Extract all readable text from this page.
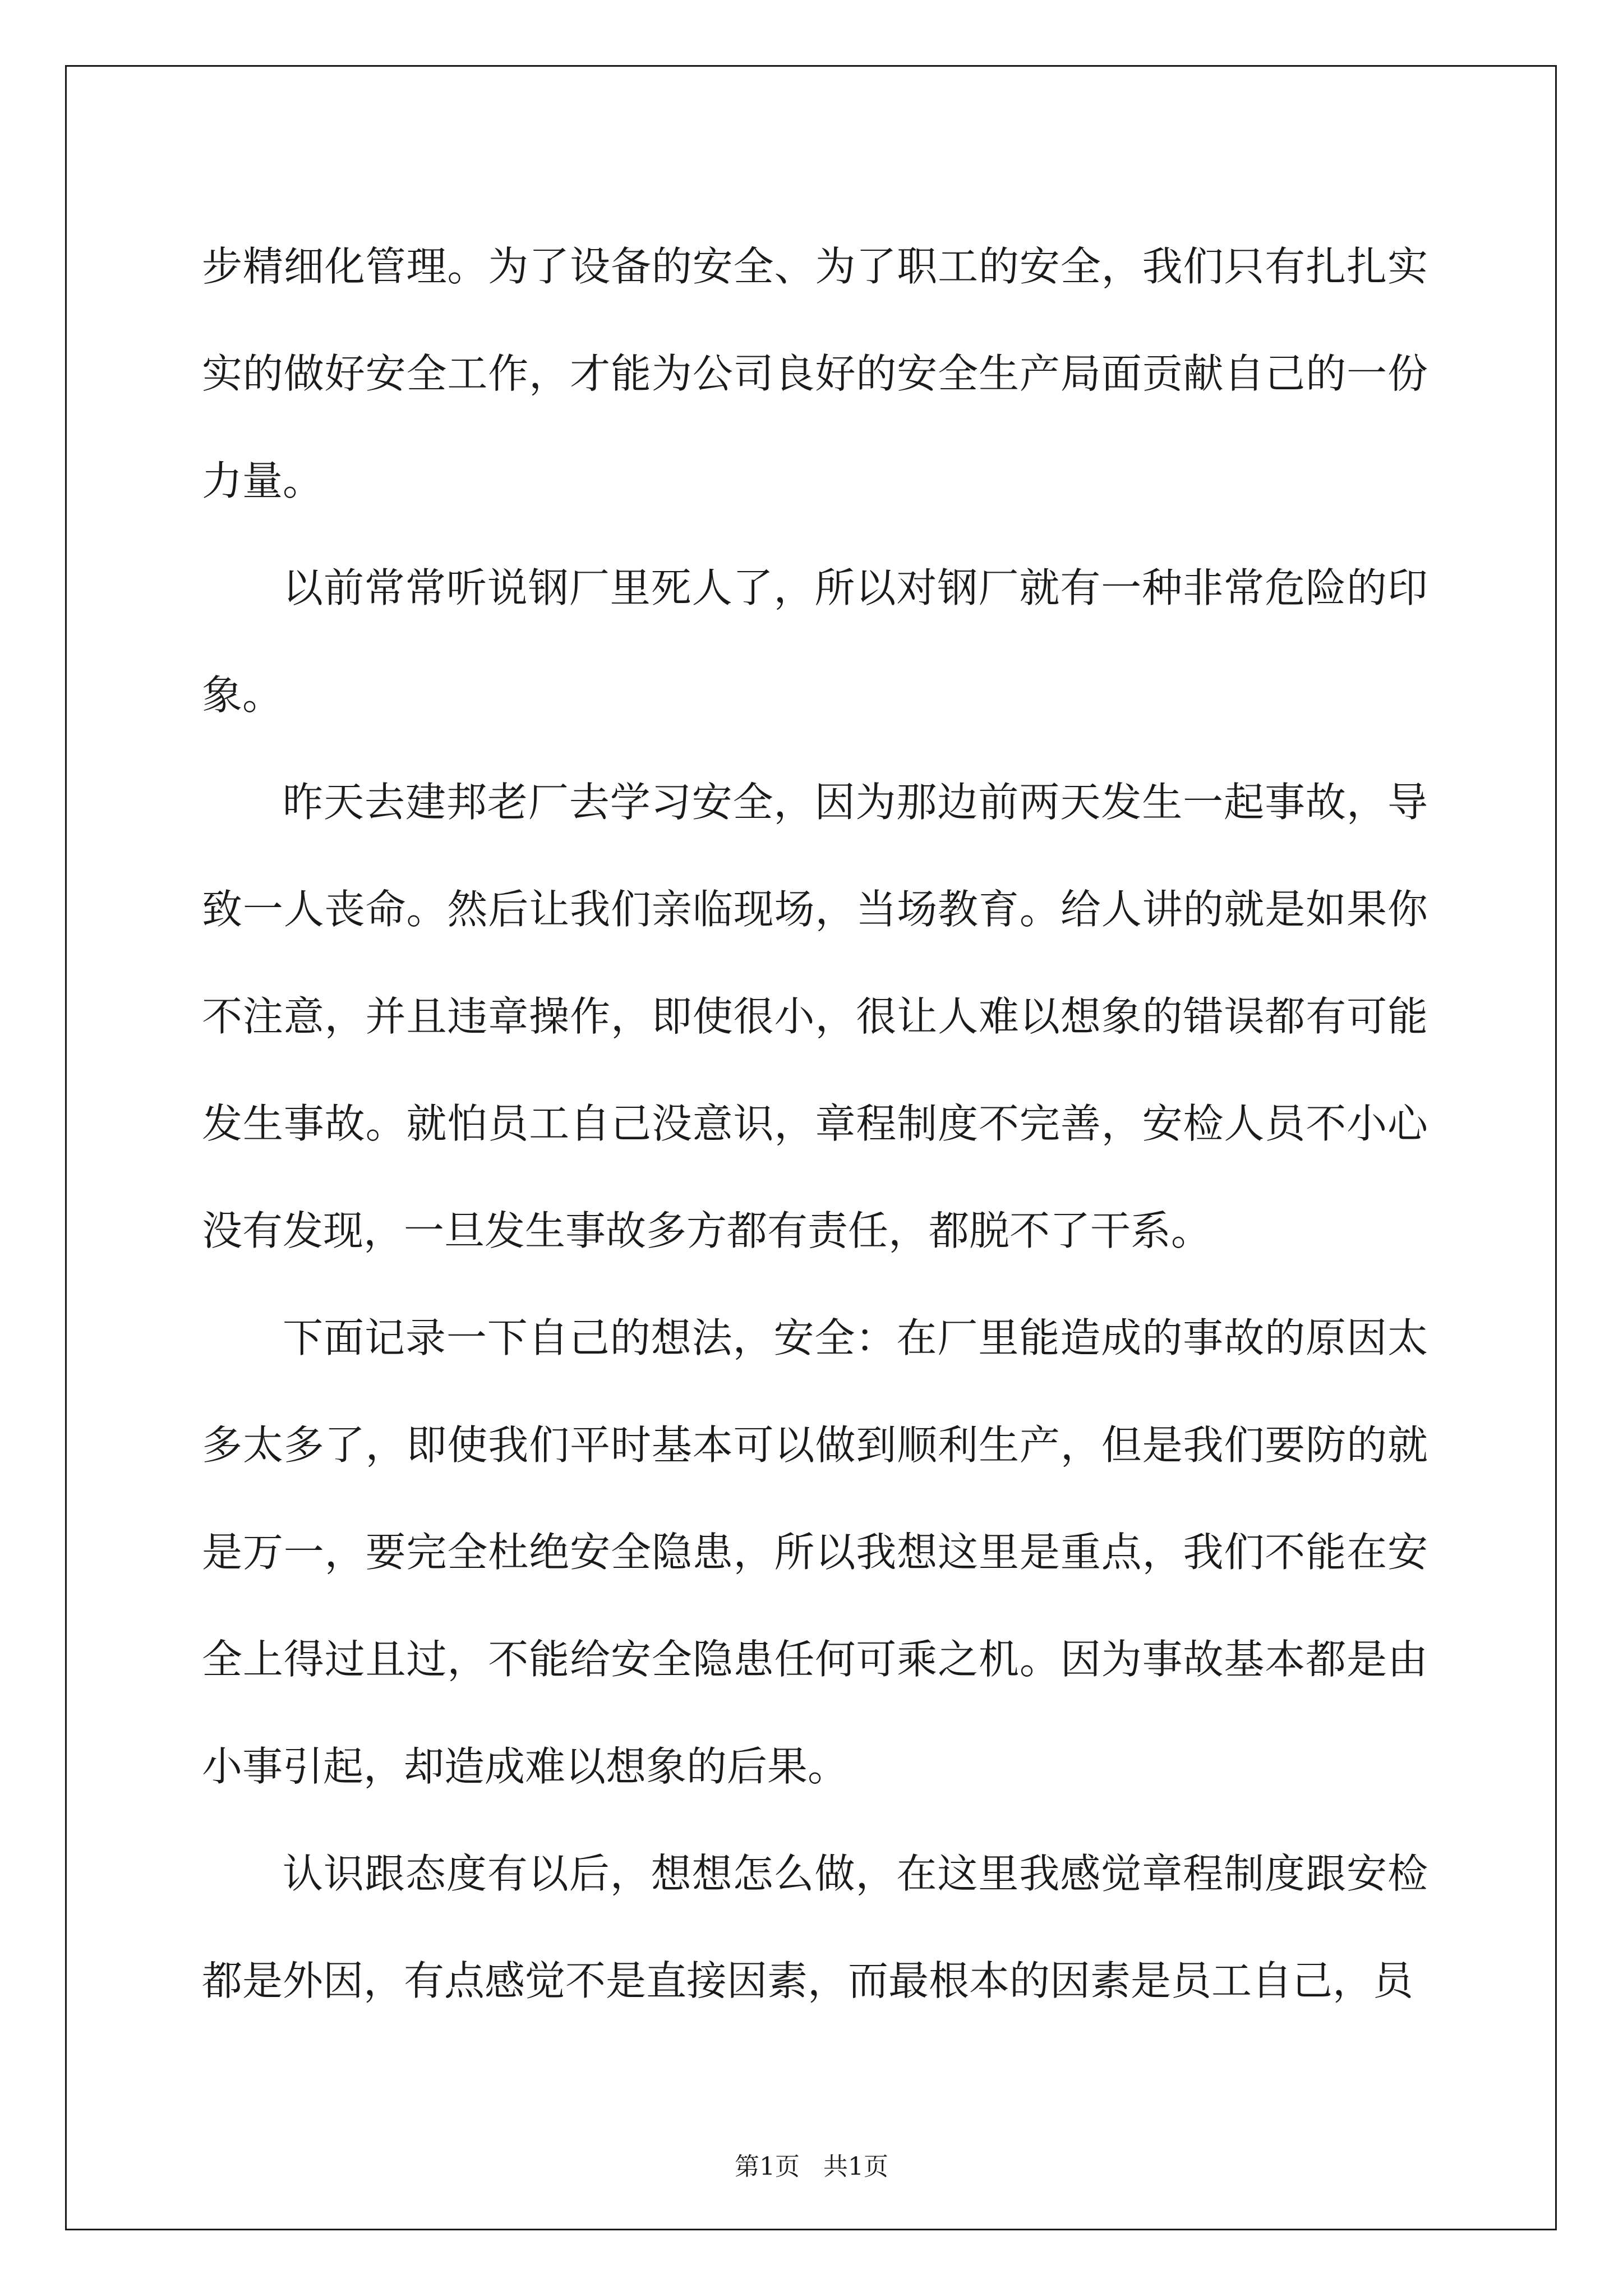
步精细化管理。为了设备的安全、为了职工的安全，我们只有扎扎实实的做好安全工作，才能为公司良好的安全生产局面贡献自己的一份力量。

以前常常听说钢厂里死人了，所以对钢厂就有一种非常危险的印象。

昨天去建邦老厂去学习安全，因为那边前两天发生一起事故，导致一人丧命。然后让我们亲临现场，当场教育。给人讲的就是如果你不注意，并且违章操作，即使很小，很让人难以想象的错误都有可能发生事故。就怕员工自己没意识，章程制度不完善，安检人员不小心没有发现，一旦发生事故多方都有责任，都脱不了干系。

下面记录一下自己的想法，安全：在厂里能造成的事故的原因太多太多了，即使我们平时基本可以做到顺利生产，但是我们要防的就是万一，要完全杜绝安全隐患，所以我想这里是重点，我们不能在安全上得过且过，不能给安全隐患任何可乘之机。因为事故基本都是由小事引起，却造成难以想象的后果。

认识跟态度有以后，想想怎么做，在这里我感觉章程制度跟安检都是外因，有点感觉不是直接因素，而最根本的因素是员工自己，员

第1页   共1页
